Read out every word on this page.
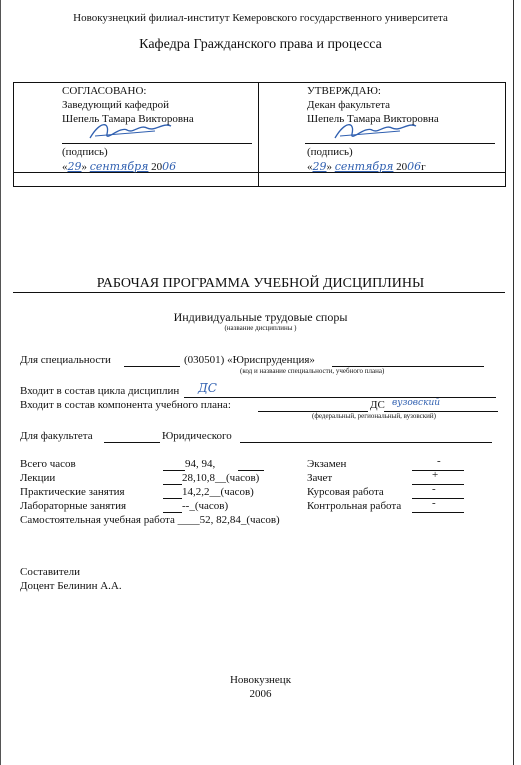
Новокузнецкий филиал-институт Кемеровского государственного университета
Кафедра Гражданского права и процесса
СОГЛАСОВАНО:
Заведующий кафедрой
Шепель Тамара Викторовна
(подпись)
«29» сентября 2006
УТВЕРЖДАЮ:
Декан факультета
Шепель Тамара Викторовна
(подпись)
«29» сентября 2006г
РАБОЧАЯ ПРОГРАММА УЧЕБНОЙ ДИСЦИПЛИНЫ
Индивидуальные трудовые споры
(название дисциплины )
Для специальности	(030501) «Юриспруденция»
(код и название специальности, учебного плана)
Входит в состав цикла дисциплин ДС
Входит в состав компонента учебного плана:	ДС вузовский
(федеральный, региональный, вузовский)
Для факультета	Юридического
Всего часов	94, 94,
Лекции	28,10,8__(часов)
Практические занятия	14,2,2__(часов)
Лабораторные занятия	--_(часов)
Экзамен	-
Зачет	+
Курсовая работа	-
Контрольная работа	-
Самостоятельная учебная работа ____52, 82,84_(часов)
Составители
Доцент Белинин А.А.
Новокузнецк
2006
